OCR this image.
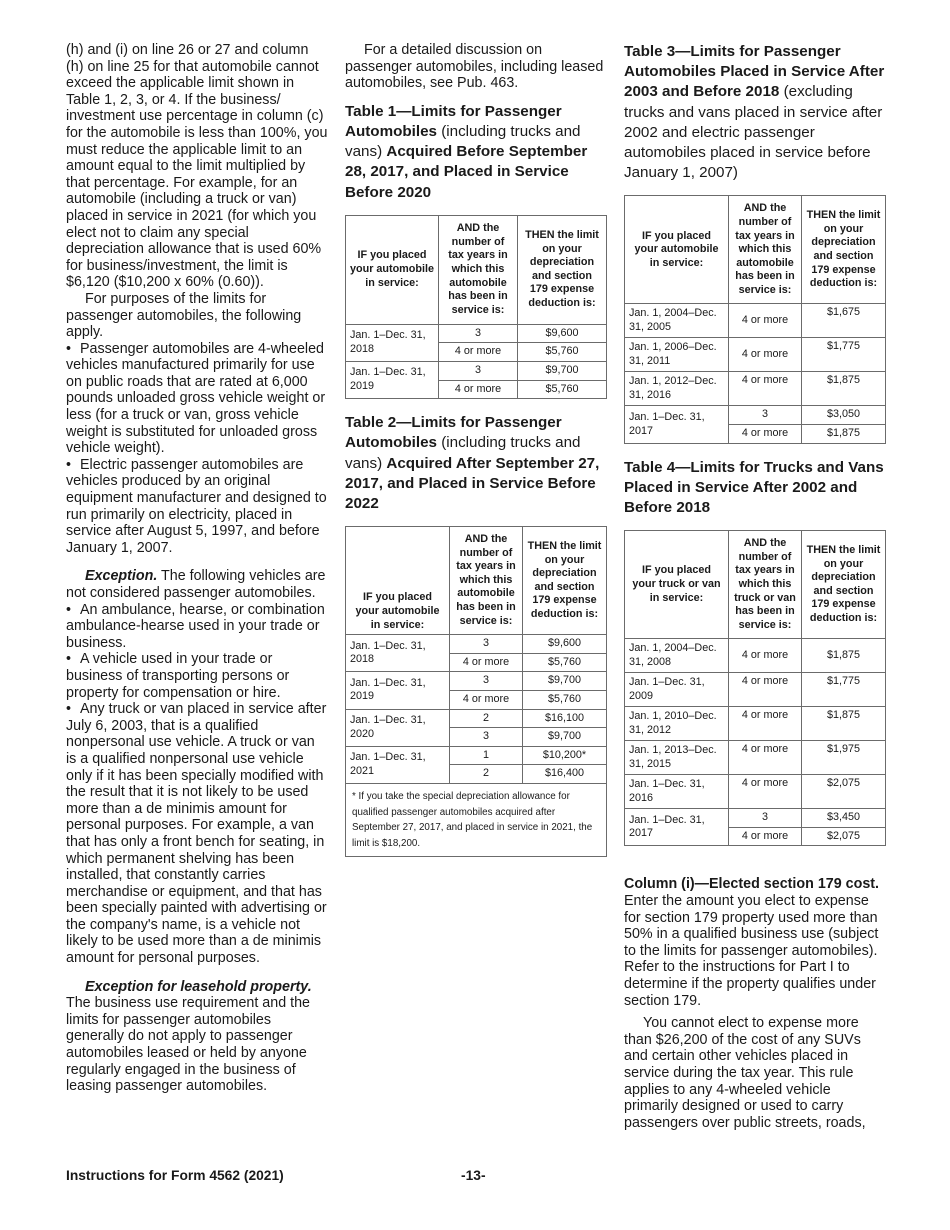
(h) and (i) on line 26 or 27 and column (h) on line 25 for that automobile cannot exceed the applicable limit shown in Table 1, 2, 3, or 4. If the business/ investment use percentage in column (c) for the automobile is less than 100%, you must reduce the applicable limit to an amount equal to the limit multiplied by that percentage. For example, for an automobile (including a truck or van) placed in service in 2021 (for which you elect not to claim any special depreciation allowance that is used 60% for business/investment, the limit is $6,120 ($10,200 x 60% (0.60)).

For purposes of the limits for passenger automobiles, the following apply.

• Passenger automobiles are 4-wheeled vehicles manufactured primarily for use on public roads that are rated at 6,000 pounds unloaded gross vehicle weight or less (for a truck or van, gross vehicle weight is substituted for unloaded gross vehicle weight).

• Electric passenger automobiles are vehicles produced by an original equipment manufacturer and designed to run primarily on electricity, placed in service after August 5, 1997, and before January 1, 2007.

Exception. The following vehicles are not considered passenger automobiles.

• An ambulance, hearse, or combination ambulance-hearse used in your trade or business.

• A vehicle used in your trade or business of transporting persons or property for compensation or hire.

• Any truck or van placed in service after July 6, 2003, that is a qualified nonpersonal use vehicle. A truck or van is a qualified nonpersonal use vehicle only if it has been specially modified with the result that it is not likely to be used more than a de minimis amount for personal purposes. For example, a van that has only a front bench for seating, in which permanent shelving has been installed, that constantly carries merchandise or equipment, and that has been specially painted with advertising or the company's name, is a vehicle not likely to be used more than a de minimis amount for personal purposes.

Exception for leasehold property. The business use requirement and the limits for passenger automobiles generally do not apply to passenger automobiles leased or held by anyone regularly engaged in the business of leasing passenger automobiles.

For a detailed discussion on passenger automobiles, including leased automobiles, see Pub. 463.

Table 1—Limits for Passenger Automobiles (including trucks and vans) Acquired Before September 28, 2017, and Placed in Service Before 2020

IF you placed your automobile in service:	AND the number of tax years in which this automobile has been in service is:	THEN the limit on your depreciation and section 179 expense deduction is:
Jan. 1–Dec. 31, 2018	3	$9,600
	4 or more	$5,760
Jan. 1–Dec. 31, 2019	3	$9,700
	4 or more	$5,760

Table 2—Limits for Passenger Automobiles (including trucks and vans) Acquired After September 27, 2017, and Placed in Service Before 2022

IF you placed your automobile in service:	AND the number of tax years in which this automobile has been in service is:	THEN the limit on your depreciation and section 179 expense deduction is:
Jan. 1–Dec. 31, 2018	3	$9,600
	4 or more	$5,760
Jan. 1–Dec. 31, 2019	3	$9,700
	4 or more	$5,760
Jan. 1–Dec. 31, 2020	2	$16,100
	3	$9,700
Jan. 1–Dec. 31, 2021	1	$10,200*
	2	$16,400
* If you take the special depreciation allowance for qualified passenger automobiles acquired after September 27, 2017, and placed in service in 2021, the limit is $18,200.

Table 3—Limits for Passenger Automobiles Placed in Service After 2003 and Before 2018 (excluding trucks and vans placed in service after 2002 and electric passenger automobiles placed in service before January 1, 2007)

IF you placed your automobile in service:	AND the number of tax years in which this automobile has been in service is:	THEN the limit on your depreciation and section 179 expense deduction is:
Jan. 1, 2004–Dec. 31, 2005	4 or more	$1,675
Jan. 1, 2006–Dec. 31, 2011	4 or more	$1,775
Jan. 1, 2012–Dec. 31, 2016	4 or more	$1,875
Jan. 1–Dec. 31, 2017	3	$3,050
	4 or more	$1,875

Table 4—Limits for Trucks and Vans Placed in Service After 2002 and Before 2018

IF you placed your truck or van in service:	AND the number of tax years in which this truck or van has been in service is:	THEN the limit on your depreciation and section 179 expense deduction is:
Jan. 1, 2004–Dec. 31, 2008	4 or more	$1,875
Jan. 1–Dec. 31, 2009	4 or more	$1,775
Jan. 1, 2010–Dec. 31, 2012	4 or more	$1,875
Jan. 1, 2013–Dec. 31, 2015	4 or more	$1,975
Jan. 1–Dec. 31, 2016	4 or more	$2,075
Jan. 1–Dec. 31, 2017	3	$3,450
	4 or more	$2,075

Column (i)—Elected section 179 cost. Enter the amount you elect to expense for section 179 property used more than 50% in a qualified business use (subject to the limits for passenger automobiles). Refer to the instructions for Part I to determine if the property qualifies under section 179.

You cannot elect to expense more than $26,200 of the cost of any SUVs and certain other vehicles placed in service during the tax year. This rule applies to any 4-wheeled vehicle primarily designed or used to carry passengers over public streets, roads,

Instructions for Form 4562 (2021)	-13-
